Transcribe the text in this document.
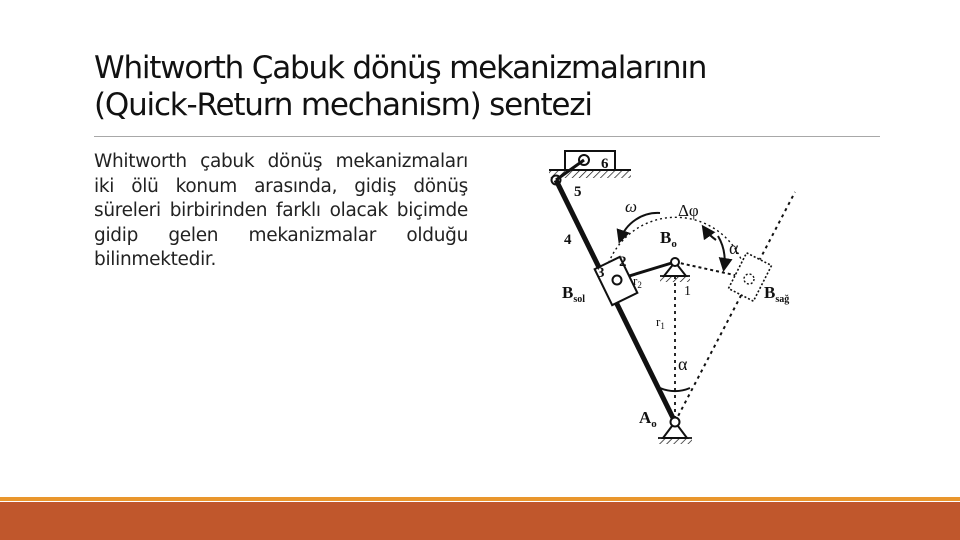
Whitworth Çabuk dönüş mekanizmalarının
(Quick-Return mechanism) sentezi
Whitworth çabuk dönüş mekanizmaları iki ölü konum arasında, gidiş dönüş süreleri birbirinden farklı olacak biçimde gidip gelen mekanizmalar olduğu bilinmektedir.
6
5
4
3
2
1
ω Δφ
$B_o$	α
α
$r_2$
$r_1$
$B_{sol}$	$B_{sağ}$
$A_o$
